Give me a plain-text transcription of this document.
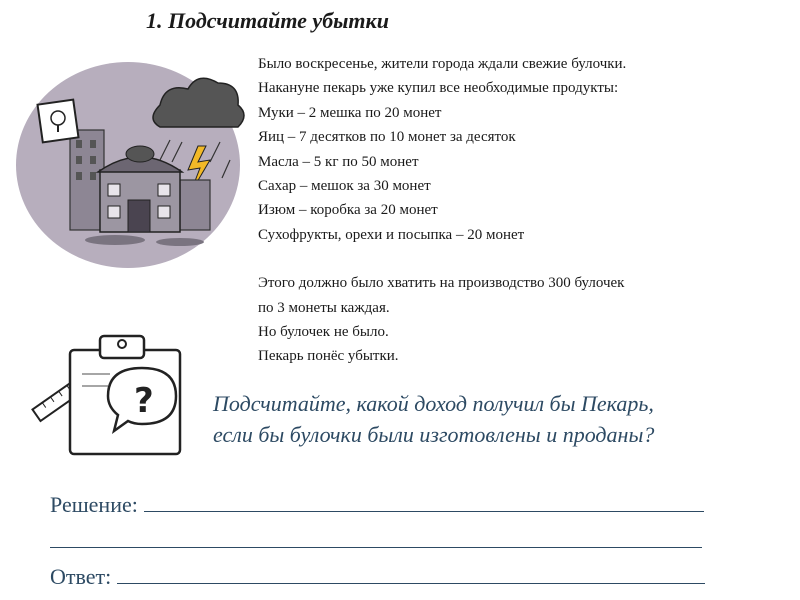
1. Подсчитайте убытки
Было воскресенье, жители города ждали свежие булочки.
Накануне пекарь уже купил все необходимые продукты:
Муки – 2 мешка по 20 монет
Яиц – 7 десятков по 10 монет за десяток
Масла – 5 кг по 50 монет
Сахар – мешок за 30 монет
Изюм – коробка за 20 монет
Сухофрукты, орехи и посыпка – 20 монет
Этого должно было хватить на производство 300 булочек
по 3 монеты каждая.
Но булочек не было.
Пекарь понёс убытки.
?	Подсчитайте, какой доход получил бы Пекарь,
если бы булочки были изготовлены и проданы?
Решение:
Ответ:
